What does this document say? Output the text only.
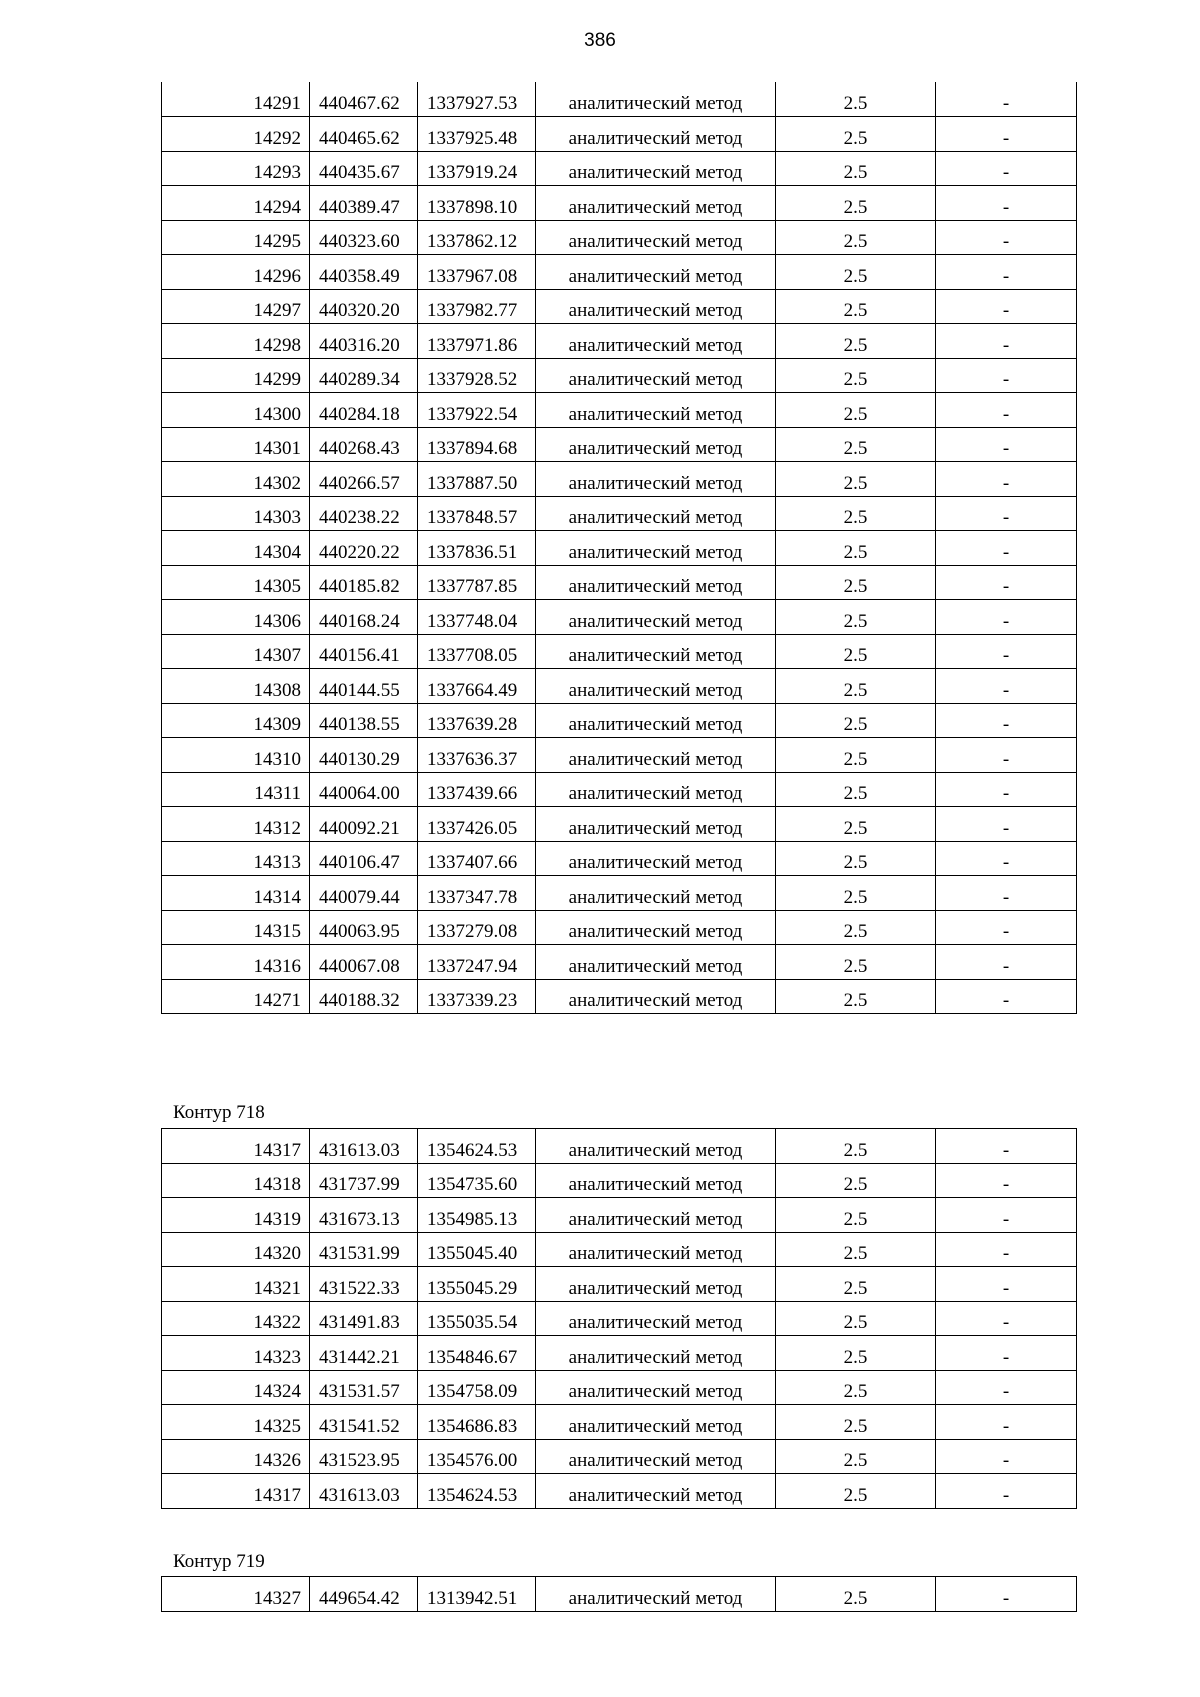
386
14291	440467.62	1337927.53	аналитический метод	2.5	-
14292	440465.62	1337925.48	аналитический метод	2.5	-
14293	440435.67	1337919.24	аналитический метод	2.5	-
14294	440389.47	1337898.10	аналитический метод	2.5	-
14295	440323.60	1337862.12	аналитический метод	2.5	-
14296	440358.49	1337967.08	аналитический метод	2.5	-
14297	440320.20	1337982.77	аналитический метод	2.5	-
14298	440316.20	1337971.86	аналитический метод	2.5	-
14299	440289.34	1337928.52	аналитический метод	2.5	-
14300	440284.18	1337922.54	аналитический метод	2.5	-
14301	440268.43	1337894.68	аналитический метод	2.5	-
14302	440266.57	1337887.50	аналитический метод	2.5	-
14303	440238.22	1337848.57	аналитический метод	2.5	-
14304	440220.22	1337836.51	аналитический метод	2.5	-
14305	440185.82	1337787.85	аналитический метод	2.5	-
14306	440168.24	1337748.04	аналитический метод	2.5	-
14307	440156.41	1337708.05	аналитический метод	2.5	-
14308	440144.55	1337664.49	аналитический метод	2.5	-
14309	440138.55	1337639.28	аналитический метод	2.5	-
14310	440130.29	1337636.37	аналитический метод	2.5	-
14311	440064.00	1337439.66	аналитический метод	2.5	-
14312	440092.21	1337426.05	аналитический метод	2.5	-
14313	440106.47	1337407.66	аналитический метод	2.5	-
14314	440079.44	1337347.78	аналитический метод	2.5	-
14315	440063.95	1337279.08	аналитический метод	2.5	-
14316	440067.08	1337247.94	аналитический метод	2.5	-
14271	440188.32	1337339.23	аналитический метод	2.5	-
Контур 718
14317	431613.03	1354624.53	аналитический метод	2.5	-
14318	431737.99	1354735.60	аналитический метод	2.5	-
14319	431673.13	1354985.13	аналитический метод	2.5	-
14320	431531.99	1355045.40	аналитический метод	2.5	-
14321	431522.33	1355045.29	аналитический метод	2.5	-
14322	431491.83	1355035.54	аналитический метод	2.5	-
14323	431442.21	1354846.67	аналитический метод	2.5	-
14324	431531.57	1354758.09	аналитический метод	2.5	-
14325	431541.52	1354686.83	аналитический метод	2.5	-
14326	431523.95	1354576.00	аналитический метод	2.5	-
14317	431613.03	1354624.53	аналитический метод	2.5	-
Контур 719
14327	449654.42	1313942.51	аналитический метод	2.5	-
